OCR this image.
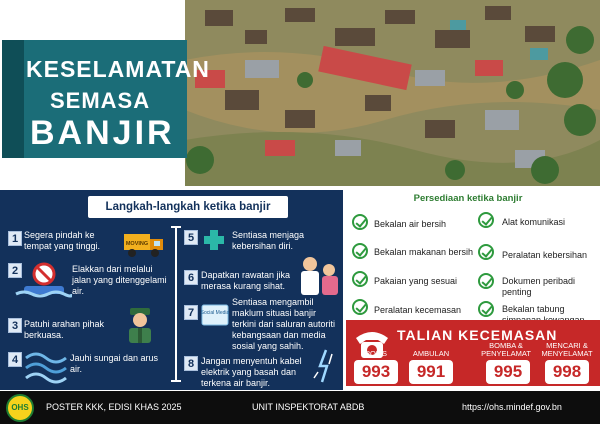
KESELAMATAN
SEMASA
BANJIR
Langkah-langkah ketika banjir
1 Segera pindah ke tempat yang tinggi.	MOVING
2	Elakkan dari melalui jalan yang ditenggelami air.
3 Patuhi arahan pihak berkuasa.
4	Jauhi sungai dan arus air.
5	Sentiasa menjaga kebersihan diri.
6 Dapatkan rawatan jika merasa kurang sihat.
7	Social Media
Sentiasa mengambil maklum situasi banjir terkini dari saluran autoriti kebangsaan dan media sosial yang sahih.
8 Jangan menyentuh kabel elektrik yang basah dan terkena air banjir.
Persediaan ketika banjir
Bekalan air bersih	Alat komunikasi
Bekalan makanan bersih	Peralatan kebersihan
Pakaian yang sesuai	Dokumen peribadi penting
Peralatan kecemasan	Bekalan tabung
TALIAN KECEMASAN
POLIS
993
AMBULAN
991
BOMBA & PENYELAMAT
995
MENCARI & MENYELAMAT
998
OHS	POSTER KKK, EDISI KHAS 2025	UNIT INSPEKTORAT ABDB	https://ohs.mindef.gov.bn
